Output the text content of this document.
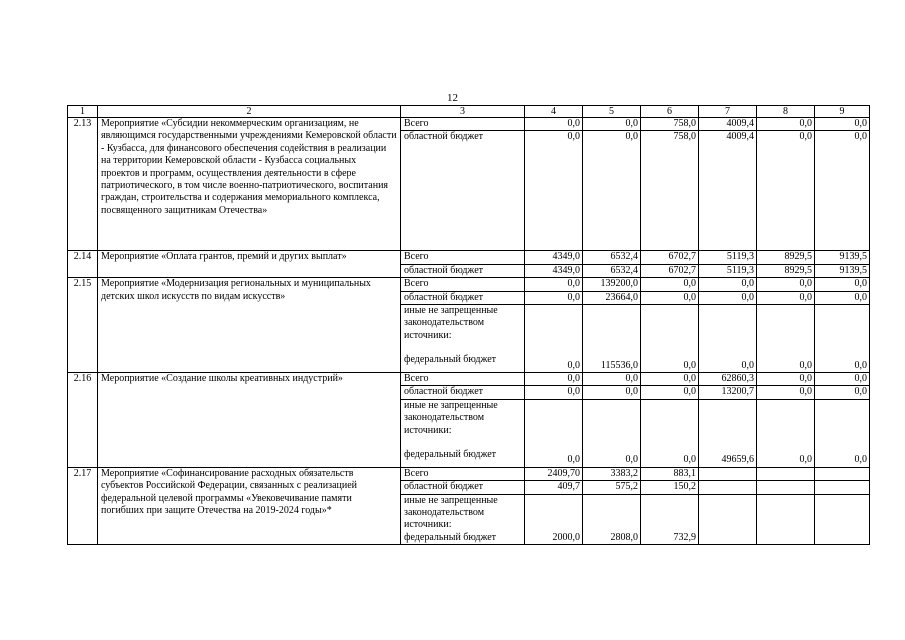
12
1	2	3	4	5	6	7	8	9
2.13	Мероприятие «Субсидии некоммерческим организациям, не являющимся государственными учреждениями Кемеровской области - Кузбасса, для финансового обеспечения содействия в реализации на территории Кемеровской области - Кузбасса социальных проектов и программ, осуществления деятельности в сфере патриотического, в том числе военно-патриотического, воспитания граждан, строительства и содержания мемориального комплекса, посвященного защитникам Отечества»	Всего	0,0	0,0	758,0	4009,4	0,0	0,0
		областной бюджет	0,0	0,0	758,0	4009,4	0,0	0,0
2.14	Мероприятие «Оплата грантов, премий и других выплат»	Всего	4349,0	6532,4	6702,7	5119,3	8929,5	9139,5
		областной бюджет	4349,0	6532,4	6702,7	5119,3	8929,5	9139,5
2.15	Мероприятие «Модернизация региональных и муниципальных детских школ искусств по видам искусств»	Всего	0,0	139200,0	0,0	0,0	0,0	0,0
		областной бюджет	0,0	23664,0	0,0	0,0	0,0	0,0

		иные не запрещенные законодательством источники:
федеральный бюджет	0,0	115536,0	0,0	0,0	0,0	0,0
2.16	Мероприятие «Создание школы креативных индустрий»	Всего	0,0	0,0	0,0	62860,3	0,0	0,0
		областной бюджет	0,0	0,0	0,0	13200,7	0,0	0,0

		иные не запрещенные законодательством источники:
федеральный бюджет	0,0	0,0	0,0	49659,6	0,0	0,0
2.17	Мероприятие «Софинансирование расходных обязательств субъектов Российской Федерации, связанных с реализацией федеральной целевой программы «Увековечивание памяти погибших при защите Отечества на 2019-2024 годы»*	Всего	2409,70	3383,2	883,1			
		областной бюджет	409,7	575,2	150,2			

		иные не запрещенные законодательством источники:
федеральный бюджет	2000,0	2808,0	732,9			
